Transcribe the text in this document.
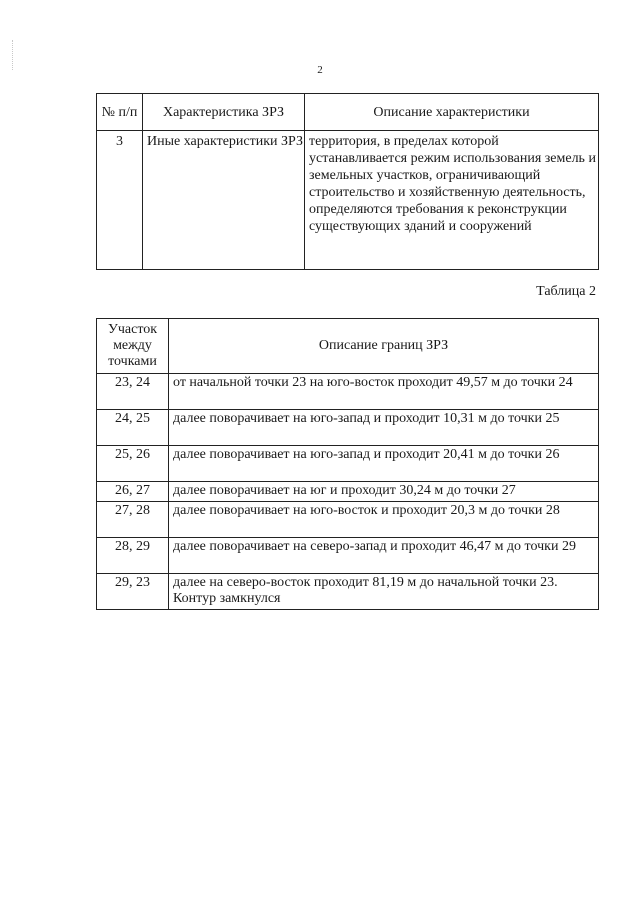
2
№ п/п	Характеристика ЗРЗ	Описание характеристики
3	Иные характеристики ЗРЗ	территория, в пределах которой устанавливается режим использования земель и земельных участков, ограничивающий строительство и хозяйственную деятельность, определяются требования к реконструкции существующих зданий и сооружений
Таблица 2
Участок между точками	Описание границ ЗРЗ
23, 24	от начальной точки 23 на юго-восток проходит 49,57 м до точки 24
24, 25	далее поворачивает на юго-запад и проходит 10,31 м до точки 25
25, 26	далее поворачивает на юго-запад и проходит 20,41 м до точки 26
26, 27	далее поворачивает на юг и проходит 30,24 м до точки 27
27, 28	далее поворачивает на юго-восток и проходит 20,3 м до точки 28
28, 29	далее поворачивает на северо-запад и проходит 46,47 м до точки 29
29, 23	далее на северо-восток проходит 81,19 м до начальной точки 23. Контур замкнулся
